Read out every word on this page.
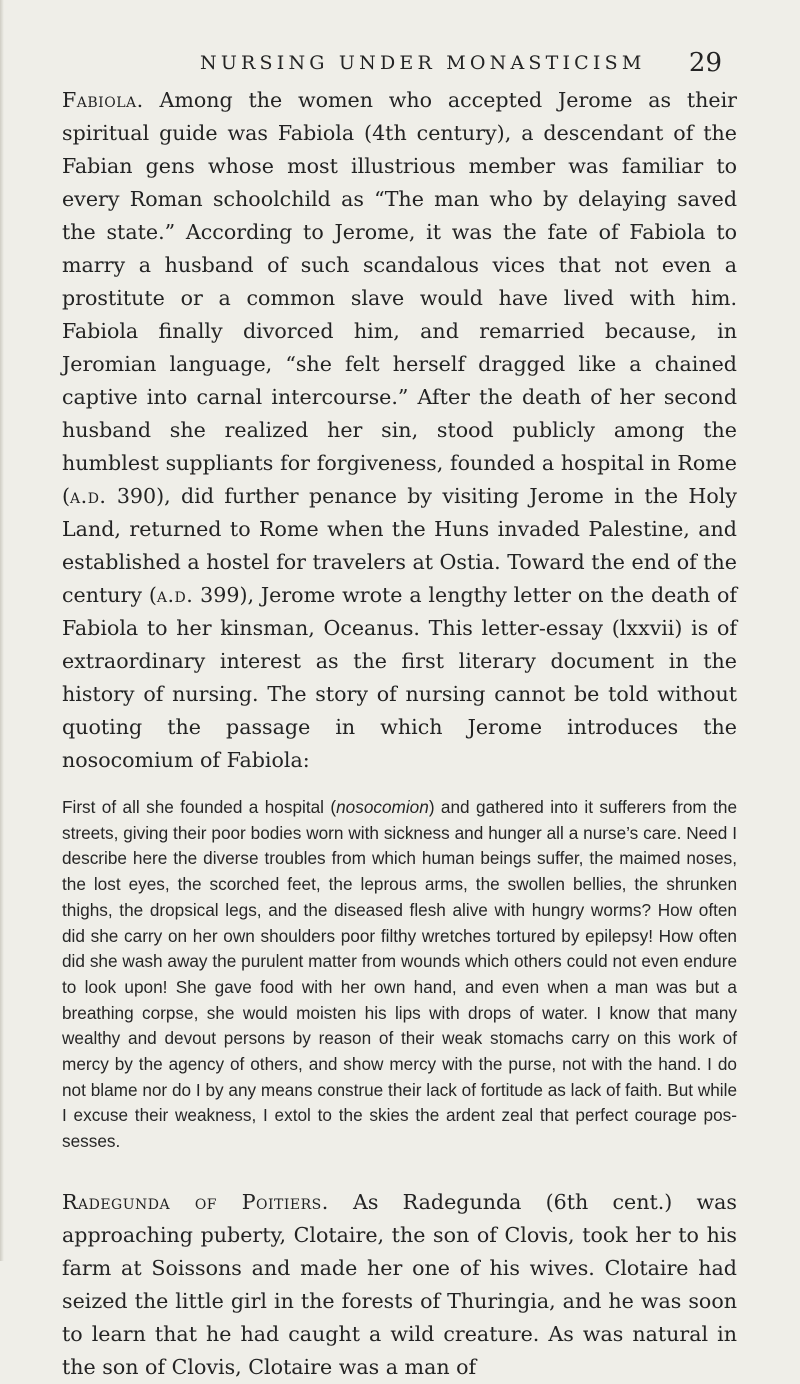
NURSING UNDER MONASTICISM 29

Fabiola. Among the women who accepted Jerome as their spiritual guide was Fabiola (4th century), a descendant of the Fabian gens whose most illustrious member was familiar to every Roman schoolchild as “The man who by delaying saved the state.” According to Jerome, it was the fate of Fabiola to marry a husband of such scandalous vices that not even a prostitute or a common slave would have lived with him. Fabiola finally divorced him, and remarried because, in Jeromian language, “she felt herself dragged like a chained captive into carnal intercourse.” After the death of her second husband she realized her sin, stood publicly among the humblest suppliants for forgiveness, founded a hospital in Rome (a.d. 390), did further penance by visiting Jerome in the Holy Land, returned to Rome when the Huns invaded Palestine, and established a hostel for travelers at Ostia. Toward the end of the century (a.d. 399), Jerome wrote a lengthy letter on the death of Fabiola to her kinsman, Oceanus. This letter-essay (lxxvii) is of extraordinary interest as the first literary document in the history of nursing. The story of nursing cannot be told without quoting the passage in which Jerome introduces the nosocomium of Fabiola:

First of all she founded a hospital (nosocomion) and gathered into it sufferers from the streets, giving their poor bodies worn with sickness and hunger all a nurse’s care. Need I describe here the diverse troubles from which human beings suffer, the maimed noses, the lost eyes, the scorched feet, the leprous arms, the swollen bellies, the shrunken thighs, the dropsical legs, and the diseased flesh alive with hungry worms? How often did she carry on her own shoulders poor filthy wretches tortured by epilepsy! How often did she wash away the purulent matter from wounds which others could not even endure to look upon! She gave food with her own hand, and even when a man was but a breathing corpse, she would moisten his lips with drops of water. I know that many wealthy and devout persons by reason of their weak stomachs carry on this work of mercy by the agency of others, and show mercy with the purse, not with the hand. I do not blame nor do I by any means construe their lack of fortitude as lack of faith. But while I excuse their weakness, I extol to the skies the ardent zeal that perfect courage possesses.

Radegunda of Poitiers. As Radegunda (6th cent.) was approaching puberty, Clotaire, the son of Clovis, took her to his farm at Soissons and made her one of his wives. Clotaire had seized the little girl in the forests of Thuringia, and he was soon to learn that he had caught a wild creature. As was natural in the son of Clovis, Clotaire was a man of
